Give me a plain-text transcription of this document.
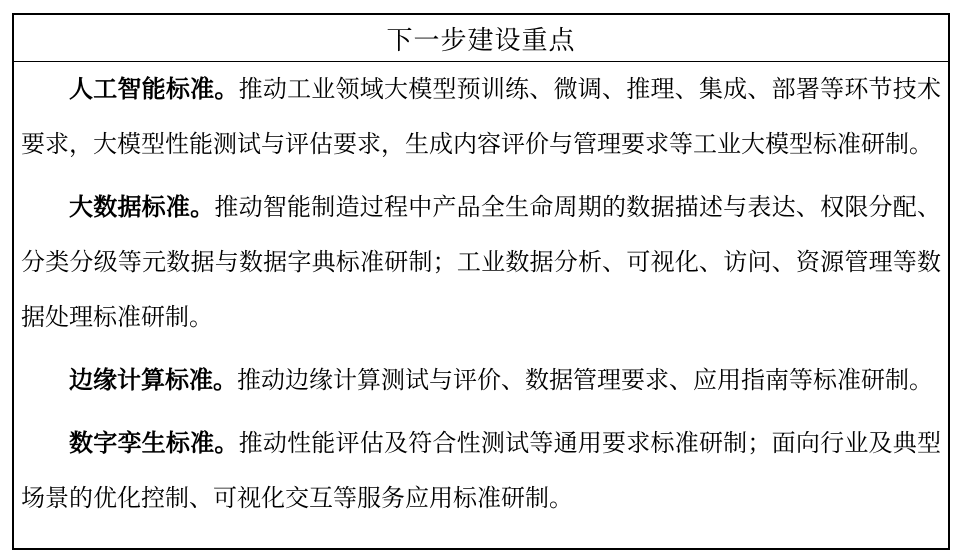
下一步建设重点

人工智能标准。推动工业领域大模型预训练、微调、推理、集成、部署等环节技术要求，大模型性能测试与评估要求，生成内容评价与管理要求等工业大模型标准研制。

大数据标准。推动智能制造过程中产品全生命周期的数据描述与表达、权限分配、分类分级等元数据与数据字典标准研制；工业数据分析、可视化、访问、资源管理等数据处理标准研制。

边缘计算标准。推动边缘计算测试与评价、数据管理要求、应用指南等标准研制。

数字孪生标准。推动性能评估及符合性测试等通用要求标准研制；面向行业及典型场景的优化控制、可视化交互等服务应用标准研制。
